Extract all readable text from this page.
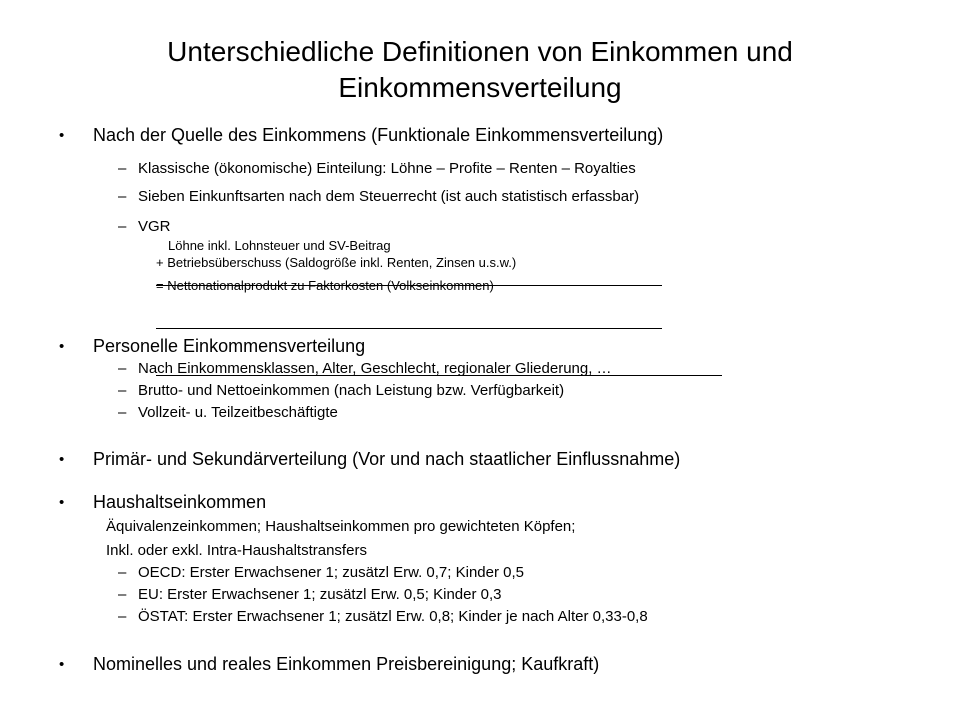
Unterschiedliche Definitionen von Einkommen und
Einkommensverteilung
• Nach der Quelle des Einkommens (Funktionale Einkommensverteilung)
– Klassische (ökonomische) Einteilung: Löhne – Profite – Renten – Royalties
– Sieben Einkunftsarten nach dem Steuerrecht (ist auch statistisch erfassbar)
– VGR
Löhne inkl. Lohnsteuer und SV-Beitrag
+ Betriebsüberschuss (Saldogröße inkl. Renten, Zinsen u.s.w.)
= Nettonationalprodukt zu Faktorkosten (Volkseinkommen)
• Personelle Einkommensverteilung
– Nach Einkommensklassen, Alter, Geschlecht, regionaler Gliederung, …
– Brutto- und Nettoeinkommen (nach Leistung bzw. Verfügbarkeit)
– Vollzeit- u. Teilzeitbeschäftigte
• Primär- und Sekundärverteilung (Vor und nach staatlicher Einflussnahme)
• Haushaltseinkommen
Äquivalenzeinkommen; Haushaltseinkommen pro gewichteten Köpfen;
Inkl. oder exkl. Intra-Haushaltstransfers
– OECD: Erster Erwachsener 1; zusätzl Erw. 0,7; Kinder 0,5
– EU: Erster Erwachsener 1; zusätzl Erw. 0,5; Kinder 0,3
– ÖSTAT: Erster Erwachsener 1; zusätzl Erw. 0,8; Kinder je nach Alter 0,33-0,8
• Nominelles und reales Einkommen Preisbereinigung; Kaufkraft)
